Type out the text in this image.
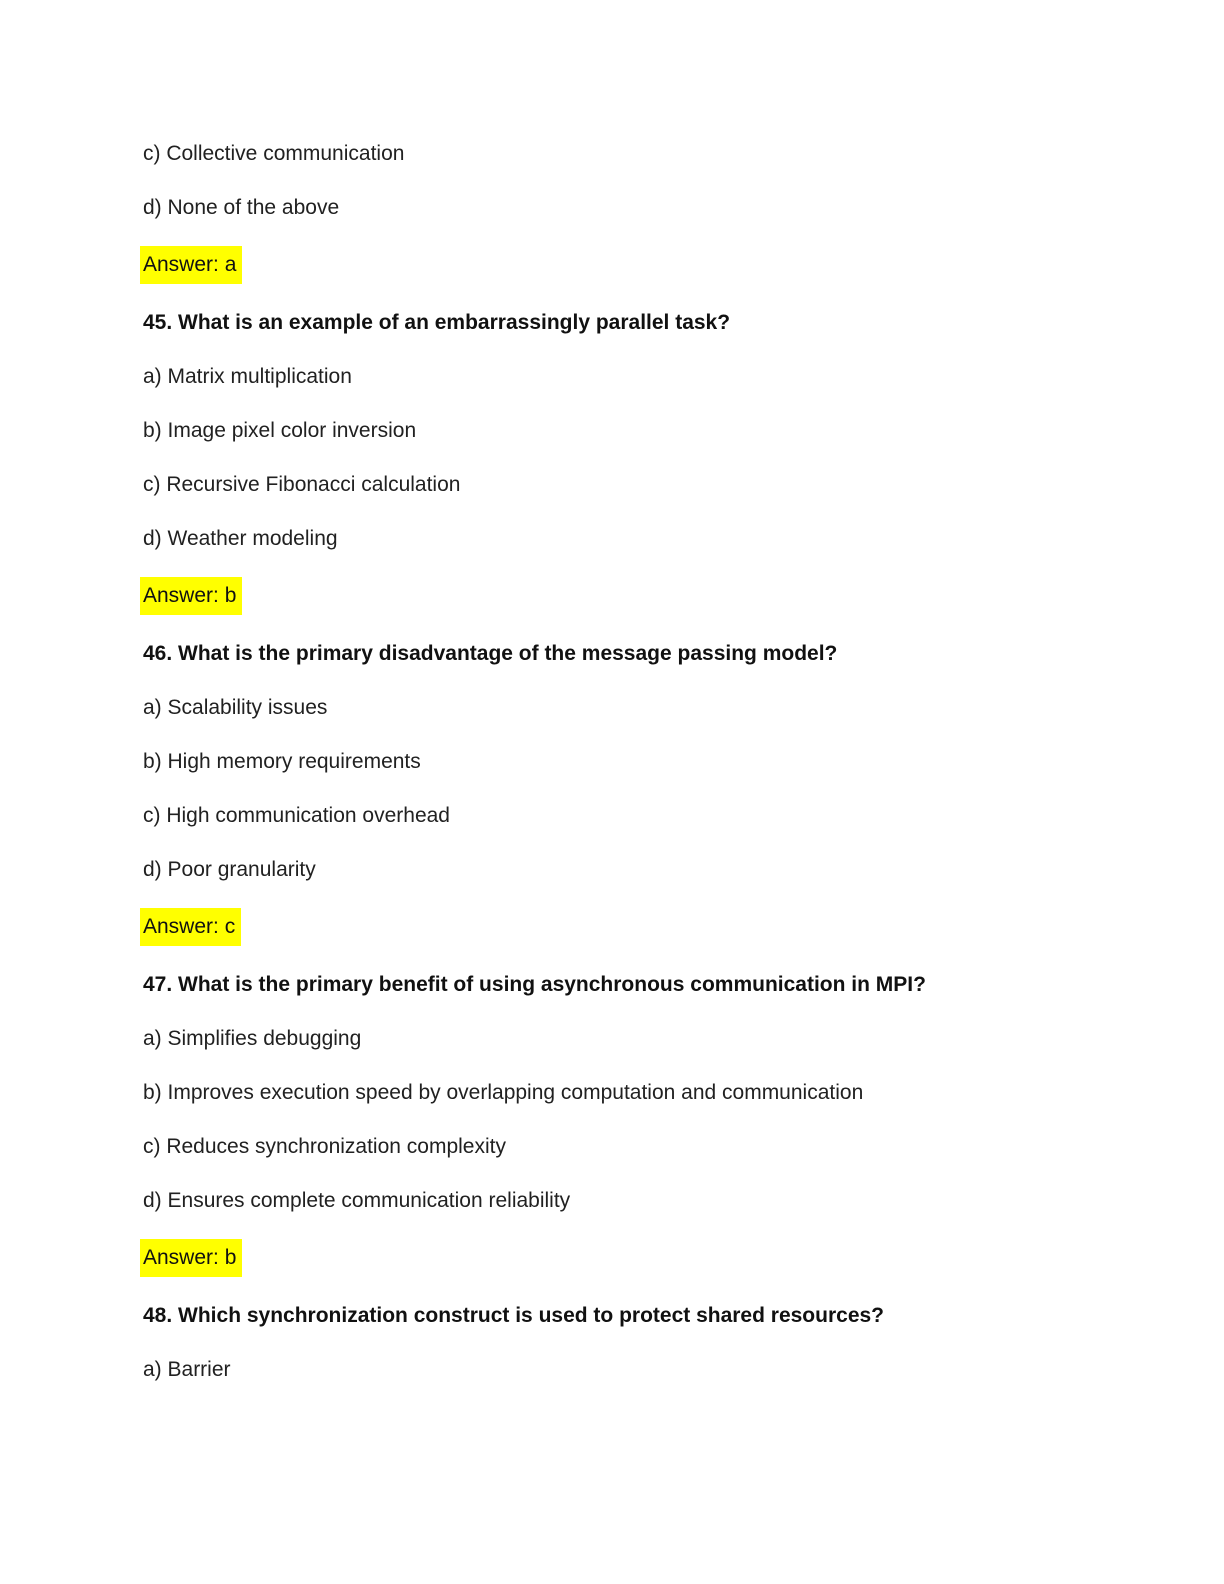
c) Collective communication

d) None of the above

Answer: a

45. What is an example of an embarrassingly parallel task?

a) Matrix multiplication

b) Image pixel color inversion

c) Recursive Fibonacci calculation

d) Weather modeling

Answer: b

46. What is the primary disadvantage of the message passing model?

a) Scalability issues

b) High memory requirements

c) High communication overhead

d) Poor granularity

Answer: c

47. What is the primary benefit of using asynchronous communication in MPI?

a) Simplifies debugging

b) Improves execution speed by overlapping computation and communication

c) Reduces synchronization complexity

d) Ensures complete communication reliability

Answer: b

48. Which synchronization construct is used to protect shared resources?

a) Barrier
